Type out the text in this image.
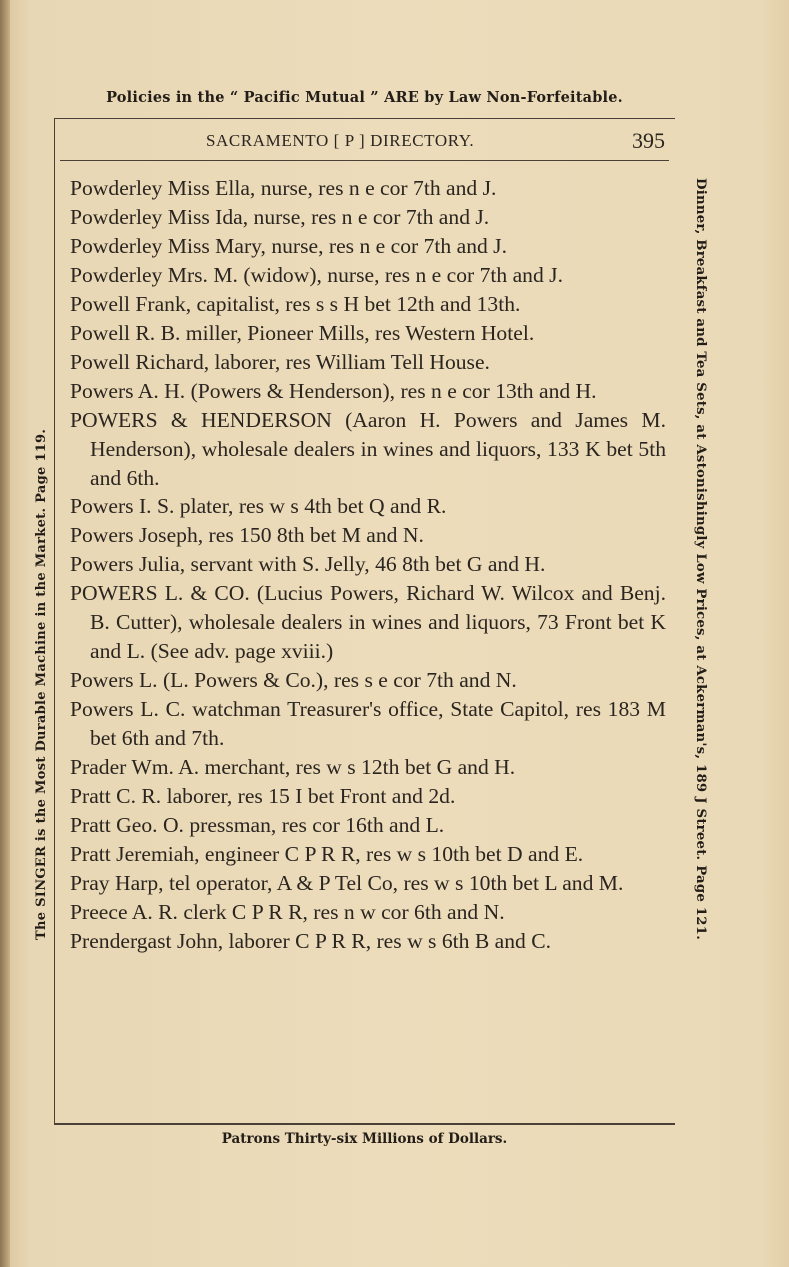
Policies in the “ Pacific Mutual ” ARE by Law Non-Forfeitable.
SACRAMENTO [ P ] DIRECTORY.	395
Powderley Miss Ella, nurse, res n e cor 7th and J.
Powderley Miss Ida, nurse, res n e cor 7th and J.
Powderley Miss Mary, nurse, res n e cor 7th and J.
Powderley Mrs. M. (widow), nurse, res n e cor 7th and J.
Powell Frank, capitalist, res s s H bet 12th and 13th.
Powell R. B. miller, Pioneer Mills, res Western Hotel.
Powell Richard, laborer, res William Tell House.
Powers A. H. (Powers & Henderson), res n e cor 13th and H.
POWERS & HENDERSON (Aaron H. Powers and James M. Henderson), wholesale dealers in wines and liquors, 133 K bet 5th and 6th.
Powers I. S. plater, res w s 4th bet Q and R.
Powers Joseph, res 150 8th bet M and N.
Powers Julia, servant with S. Jelly, 46 8th bet G and H.
POWERS L. & CO. (Lucius Powers, Richard W. Wilcox and Benj. B. Cutter), wholesale dealers in wines and liquors, 73 Front bet K and L. (See adv. page xviii.)
Powers L. (L. Powers & Co.), res s e cor 7th and N.
Powers L. C. watchman Treasurer's office, State Capitol, res 183 M bet 6th and 7th.
Prader Wm. A. merchant, res w s 12th bet G and H.
Pratt C. R. laborer, res 15 I bet Front and 2d.
Pratt Geo. O. pressman, res cor 16th and L.
Pratt Jeremiah, engineer C P R R, res w s 10th bet D and E.
Pray Harp, tel operator, A & P Tel Co, res w s 10th bet L and M.
Preece A. R. clerk C P R R, res n w cor 6th and N.
Prendergast John, laborer C P R R, res w s 6th B and C.
Patrons Thirty-six Millions of Dollars.
The SINGER is the Most Durable Machine in the Market. Page 119.	Dinner, Breakfast and Tea Sets, at Astonishingly Low Prices, at Ackerman's, 189 J Street. Page 121.
